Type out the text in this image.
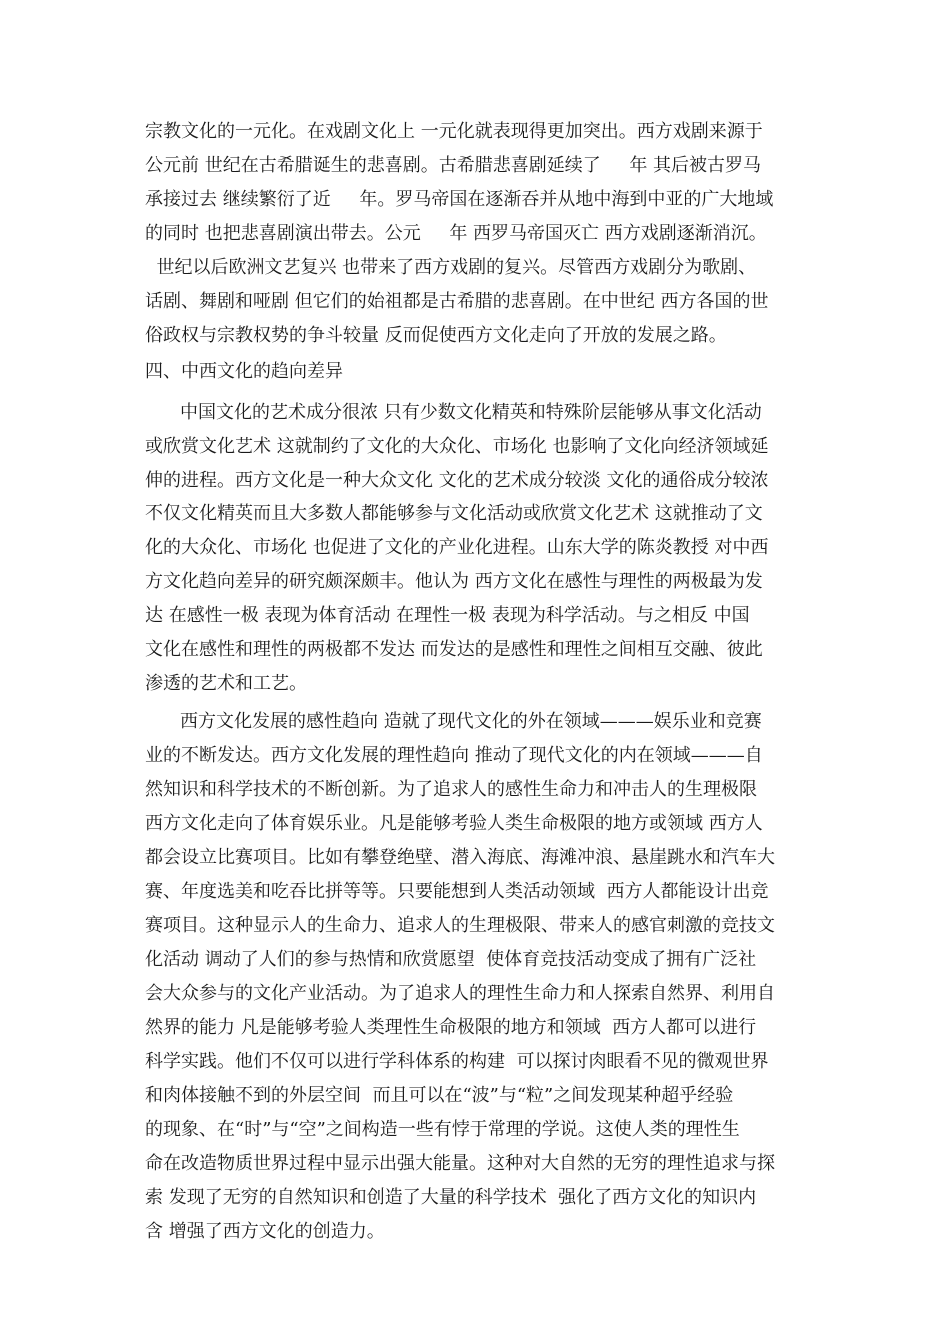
宗教文化的一元化。在戏剧文化上 一元化就表现得更加突出。西方戏剧来源于
公元前 世纪在古希腊诞生的悲喜剧。古希腊悲喜剧延续了     年 其后被古罗马
承接过去 继续繁衍了近     年。罗马帝国在逐渐吞并从地中海到中亚的广大地域
的同时 也把悲喜剧演出带去。公元     年 西罗马帝国灭亡 西方戏剧逐渐消沉。
世纪以后欧洲文艺复兴 也带来了西方戏剧的复兴。尽管西方戏剧分为歌剧、
话剧、舞剧和哑剧 但它们的始祖都是古希腊的悲喜剧。在中世纪 西方各国的世
俗政权与宗教权势的争斗较量 反而促使西方文化走向了开放的发展之路。
四、中西文化的趋向差异
中国文化的艺术成分很浓 只有少数文化精英和特殊阶层能够从事文化活动
或欣赏文化艺术 这就制约了文化的大众化、市场化 也影响了文化向经济领域延
伸的进程。西方文化是一种大众文化 文化的艺术成分较淡 文化的通俗成分较浓
不仅文化精英而且大多数人都能够参与文化活动或欣赏文化艺术 这就推动了文
化的大众化、市场化 也促进了文化的产业化进程。山东大学的陈炎教授 对中西
方文化趋向差异的研究颇深颇丰。他认为 西方文化在感性与理性的两极最为发
达 在感性一极 表现为体育活动 在理性一极 表现为科学活动。与之相反 中国
文化在感性和理性的两极都不发达 而发达的是感性和理性之间相互交融、彼此
渗透的艺术和工艺。
西方文化发展的感性趋向 造就了现代文化的外在领域———娱乐业和竞赛
业的不断发达。西方文化发展的理性趋向 推动了现代文化的内在领域———自
然知识和科学技术的不断创新。为了追求人的感性生命力和冲击人的生理极限
西方文化走向了体育娱乐业。凡是能够考验人类生命极限的地方或领域 西方人
都会设立比赛项目。比如有攀登绝壁、潜入海底、海滩冲浪、悬崖跳水和汽车大
赛、年度选美和吃吞比拼等等。只要能想到人类活动领域  西方人都能设计出竞
赛项目。这种显示人的生命力、追求人的生理极限、带来人的感官刺激的竞技文
化活动 调动了人们的参与热情和欣赏愿望  使体育竞技活动变成了拥有广泛社
会大众参与的文化产业活动。为了追求人的理性生命力和人探索自然界、利用自
然界的能力 凡是能够考验人类理性生命极限的地方和领域  西方人都可以进行
科学实践。他们不仅可以进行学科体系的构建  可以探讨肉眼看不见的微观世界
和肉体接触不到的外层空间  而且可以在“波”与“粒”之间发现某种超乎经验
的现象、在“时”与“空”之间构造一些有悖于常理的学说。这使人类的理性生
命在改造物质世界过程中显示出强大能量。这种对大自然的无穷的理性追求与探
索 发现了无穷的自然知识和创造了大量的科学技术  强化了西方文化的知识内
含 增强了西方文化的创造力。
